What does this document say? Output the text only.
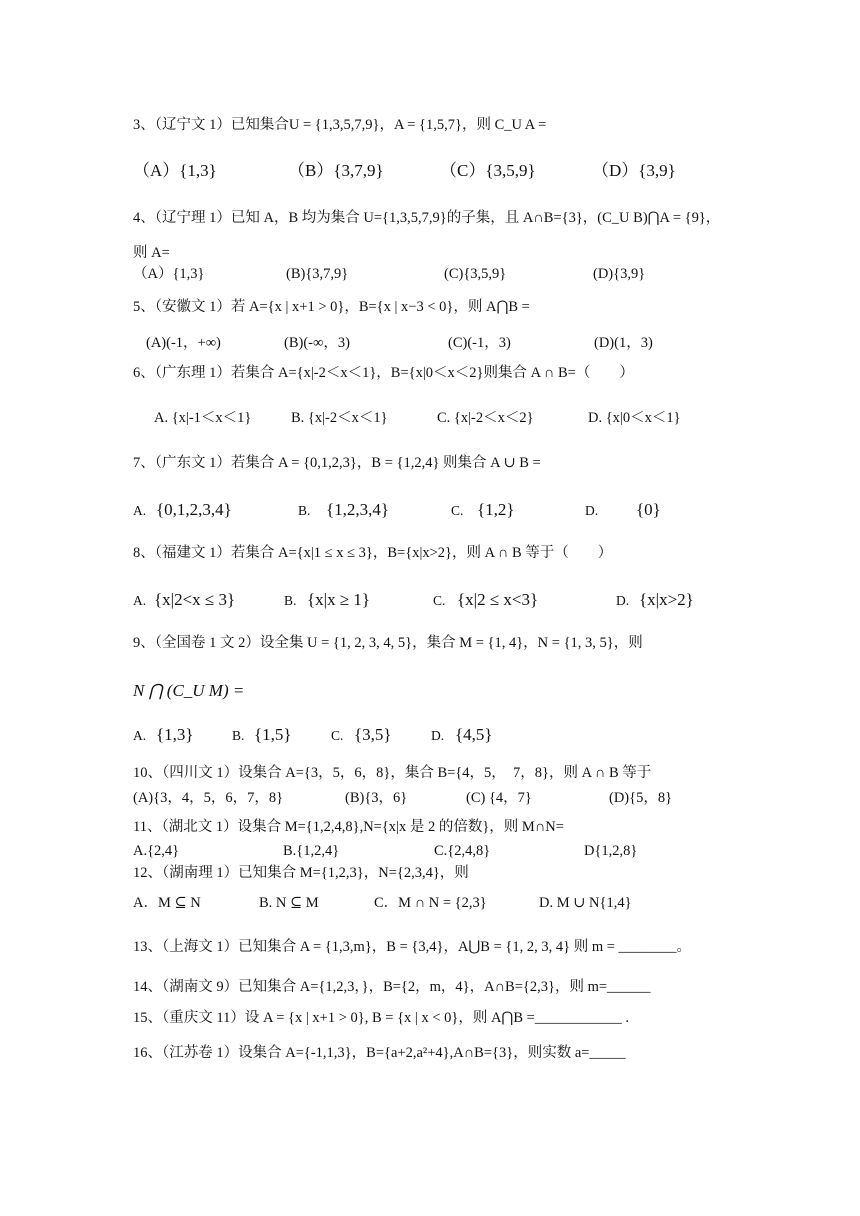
3、（辽宁文 1）已知集合U = {1,3,5,7,9}，A = {1,5,7}，则 C_U A =
（A）{1,3}	（B）{3,7,9}	（C）{3,5,9}	（D）{3,9}
4、（辽宁理 1）已知 A，B 均为集合 U={1,3,5,7,9}的子集，且 A∩B={3}，(C_U B)⋂A = {9}，
则 A=
（A）{1,3}	(B){3,7,9}	(C){3,5,9}	(D){3,9}
5、（安徽文 1）若 A={x | x+1 > 0}，B={x | x−3 < 0}，则 A⋂B =
(A)(-1，+∞)	(B)(-∞，3)	(C)(-1，3)	(D)(1，3)
6、（广东理 1）若集合 A={x|-2＜x＜1}，B={x|0＜x＜2}则集合 A ∩ B=（　　）
A. {x|-1＜x＜1}	B. {x|-2＜x＜1}	C. {x|-2＜x＜2}	D. {x|0＜x＜1}
7、（广东文 1）若集合 A = {0,1,2,3}，B = {1,2,4} 则集合 A ∪ B =
A. {0,1,2,3,4}	B. {1,2,3,4}	C. {1,2}	D. {0}
8、（福建文 1）若集合 A={x|1 ≤ x ≤ 3}，B={x|x>2}，则 A ∩ B 等于（　　）
A. {x|2<x ≤ 3}	B. {x|x ≥ 1}	C. {x|2 ≤ x<3}	D. {x|x>2}
9、（全国卷 1 文 2）设全集 U = {1, 2, 3, 4, 5}，集合 M = {1, 4}，N = {1, 3, 5}，则
N ⋂ (C_U M) =
A. {1,3}	B. {1,5}	C. {3,5}	D. {4,5}
10、（四川文 1）设集合 A={3，5，6，8}，集合 B={4，5，　7，8}，则 A ∩ B 等于
(A){3，4，5，6，7，8}	(B){3，6}	(C) {4，7}	(D){5，8}
11、（湖北文 1）设集合 M={1,2,4,8},N={x|x 是 2 的倍数}，则 M∩N=
A.{2,4}	B.{1,2,4}	C.{2,4,8}	D{1,2,8}
12、（湖南理 1）已知集合 M={1,2,3}，N={2,3,4}，则
A．M ⊆ N	B. N ⊆ M	C．M ∩ N = {2,3}	D. M ∪ N{1,4}
13、（上海文 1）已知集合 A = {1,3,m}，B = {3,4}，A⋃B = {1, 2, 3, 4} 则 m = ________。
14、（湖南文 9）已知集合 A={1,2,3，}，B={2，m，4}，A∩B={2,3}，则 m=______
15、（重庆文 11）设 A = {x | x+1 > 0}, B = {x | x < 0}，则 A⋂B =____________ .
16、（江苏卷 1）设集合 A={-1,1,3}，B={a+2,a²+4},A∩B={3}，则实数 a=_____
